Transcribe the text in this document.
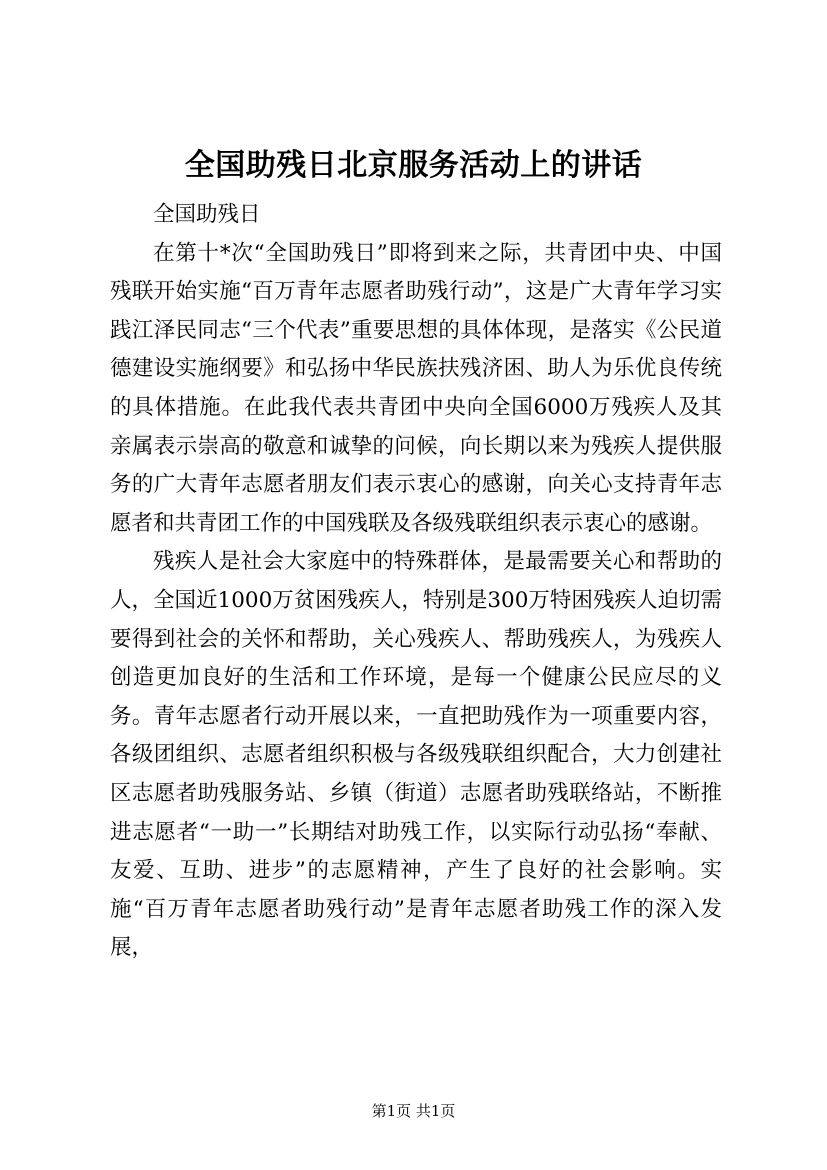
全国助残日北京服务活动上的讲话

全国助残日

在第十*次“全国助残日”即将到来之际，共青团中央、中国残联开始实施“百万青年志愿者助残行动”，这是广大青年学习实践江泽民同志“三个代表”重要思想的具体体现，是落实《公民道德建设实施纲要》和弘扬中华民族扶残济困、助人为乐优良传统的具体措施。在此我代表共青团中央向全国6000万残疾人及其亲属表示崇高的敬意和诚挚的问候，向长期以来为残疾人提供服务的广大青年志愿者朋友们表示衷心的感谢，向关心支持青年志愿者和共青团工作的中国残联及各级残联组织表示衷心的感谢。

残疾人是社会大家庭中的特殊群体，是最需要关心和帮助的人，全国近1000万贫困残疾人，特别是300万特困残疾人迫切需要得到社会的关怀和帮助，关心残疾人、帮助残疾人，为残疾人创造更加良好的生活和工作环境，是每一个健康公民应尽的义务。青年志愿者行动开展以来，一直把助残作为一项重要内容，各级团组织、志愿者组织积极与各级残联组织配合，大力创建社区志愿者助残服务站、乡镇（街道）志愿者助残联络站，不断推进志愿者“一助一”长期结对助残工作，以实际行动弘扬“奉献、友爱、互助、进步”的志愿精神，产生了良好的社会影响。实施“百万青年志愿者助残行动”是青年志愿者助残工作的深入发展，

第1页 共1页
